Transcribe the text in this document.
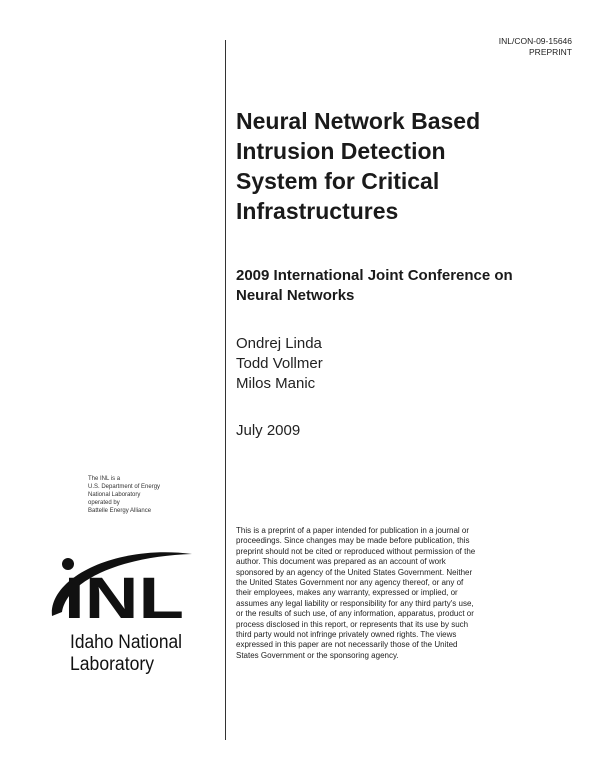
INL/CON-09-15646
PREPRINT
Neural Network Based
Intrusion Detection
System for Critical
Infrastructures
2009 International Joint Conference on
Neural Networks
Ondrej Linda
Todd Vollmer
Milos Manic
July 2009
The INL is a
U.S. Department of Energy
National Laboratory
operated by
Battelle Energy Alliance
INL
Idaho National
Laboratory
This is a preprint of a paper intended for publication in a journal or
proceedings. Since changes may be made before publication, this
preprint should not be cited or reproduced without permission of the
author. This document was prepared as an account of work
sponsored by an agency of the United States Government. Neither
the United States Government nor any agency thereof, or any of
their employees, makes any warranty, expressed or implied, or
assumes any legal liability or responsibility for any third party's use,
or the results of such use, of any information, apparatus, product or
process disclosed in this report, or represents that its use by such
third party would not infringe privately owned rights. The views
expressed in this paper are not necessarily those of the United
States Government or the sponsoring agency.
